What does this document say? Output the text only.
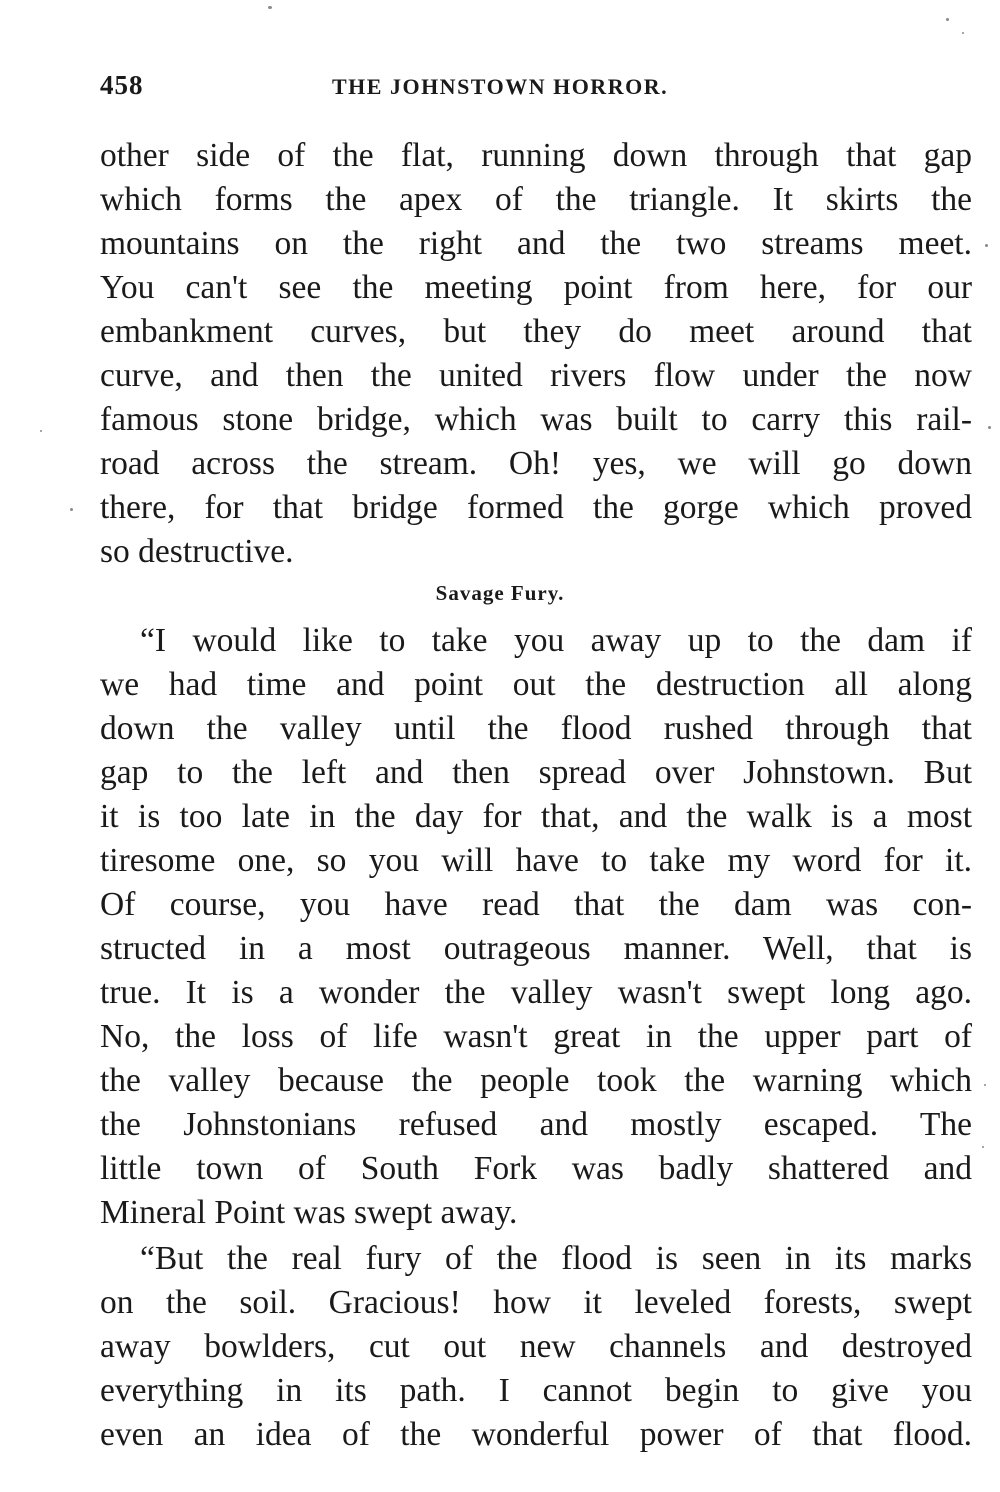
458	THE JOHNSTOWN HORROR.
other side of the flat, running down through that gap
which forms the apex of the triangle. It skirts the
mountains on the right and the two streams meet.
You can't see the meeting point from here, for our
embankment curves, but they do meet around that
curve, and then the united rivers flow under the now
famous stone bridge, which was built to carry this rail-
road across the stream. Oh! yes, we will go down
there, for that bridge formed the gorge which proved
so destructive.
Savage Fury.
“I would like to take you away up to the dam if
we had time and point out the destruction all along
down the valley until the flood rushed through that
gap to the left and then spread over Johnstown. But
it is too late in the day for that, and the walk is a most
tiresome one, so you will have to take my word for it.
Of course, you have read that the dam was con-
structed in a most outrageous manner. Well, that is
true. It is a wonder the valley wasn't swept long ago.
No, the loss of life wasn't great in the upper part of
the valley because the people took the warning which
the Johnstonians refused and mostly escaped. The
little town of South Fork was badly shattered and
Mineral Point was swept away.
“But the real fury of the flood is seen in its marks
on the soil. Gracious! how it leveled forests, swept
away bowlders, cut out new channels and destroyed
everything in its path. I cannot begin to give you
even an idea of the wonderful power of that flood.
